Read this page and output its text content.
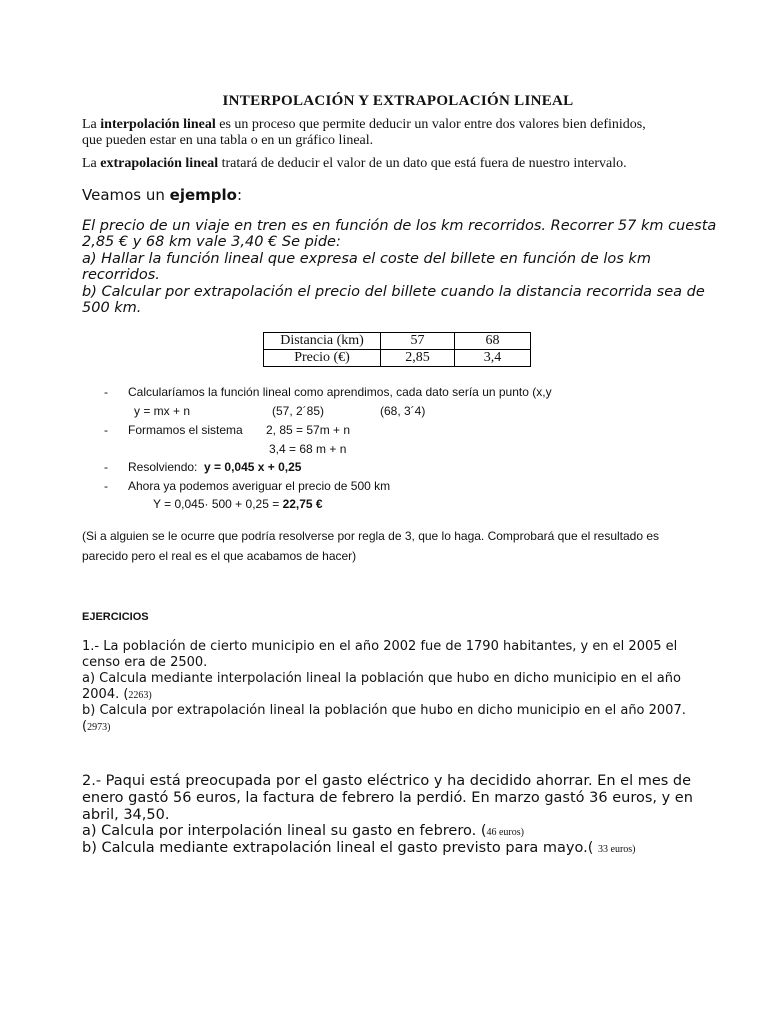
INTERPOLACIÓN Y EXTRAPOLACIÓN LINEAL
La interpolación lineal es un proceso que permite deducir un valor entre dos valores bien definidos,
que pueden estar en una tabla o en un gráfico lineal.
La extrapolación lineal tratará de deducir el valor de un dato que está fuera de nuestro intervalo.
Veamos un ejemplo:
El precio de un viaje en tren es en función de los km recorridos. Recorrer 57 km cuesta
2,85 € y 68 km vale 3,40 € Se pide:
a) Hallar la función lineal que expresa el coste del billete en función de los km
recorridos.
b) Calcular por extrapolación el precio del billete cuando la distancia recorrida sea de
500 km.
Distancia (km)	57	68
Precio (€)	2,85	3,4
- Calcularíamos la función lineal como aprendimos, cada dato sería un punto (x,y
y = mx + n	(57, 2´85)	(68, 3´4)
- Formamos el sistema 2, 85 = 57m + n
3,4 = 68 m + n
- Resolviendo: y = 0,045 x + 0,25
- Ahora ya podemos averiguar el precio de 500 km
Y = 0,045· 500 + 0,25 = 22,75 €
(Si a alguien se le ocurre que podría resolverse por regla de 3, que lo haga. Comprobará que el resultado es
parecido pero el real es el que acabamos de hacer)
EJERCICIOS
1.- La población de cierto municipio en el año 2002 fue de 1790 habitantes, y en el 2005 el
censo era de 2500.
a) Calcula mediante interpolación lineal la población que hubo en dicho municipio en el año
2004. (2263)
b) Calcula por extrapolación lineal la población que hubo en dicho municipio en el año 2007.
(2973)
2.- Paqui está preocupada por el gasto eléctrico y ha decidido ahorrar. En el mes de
enero gastó 56 euros, la factura de febrero la perdió. En marzo gastó 36 euros, y en
abril, 34,50.
a) Calcula por interpolación lineal su gasto en febrero. (46 euros)
b) Calcula mediante extrapolación lineal el gasto previsto para mayo.( 33 euros)
